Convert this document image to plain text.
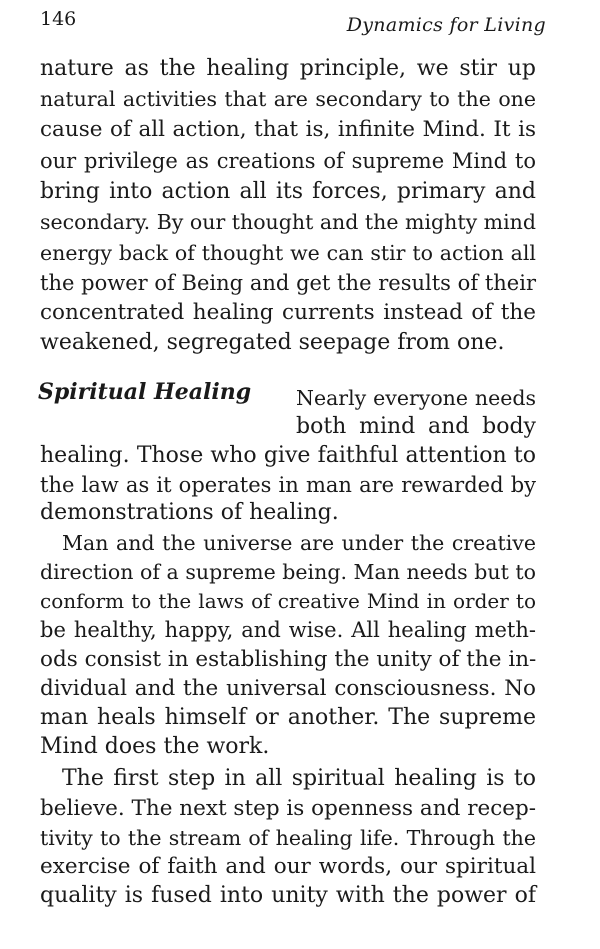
146	Dynamics for Living
nature as the healing principle, we stir up
natural activities that are secondary to the one
cause of all action, that is, infinite Mind. It is
our privilege as creations of supreme Mind to
bring into action all its forces, primary and
secondary. By our thought and the mighty mind
energy back of thought we can stir to action all
the power of Being and get the results of their
concentrated healing currents instead of the
weakened, segregated seepage from one.
Spiritual Healing Nearly everyone needs
both mind and body
healing. Those who give faithful attention to
the law as it operates in man are rewarded by
demonstrations of healing.
Man and the universe are under the creative
direction of a supreme being. Man needs but to
conform to the laws of creative Mind in order to
be healthy, happy, and wise. All healing meth-
ods consist in establishing the unity of the in-
dividual and the universal consciousness. No
man heals himself or another. The supreme
Mind does the work.
The first step in all spiritual healing is to
believe. The next step is openness and recep-
tivity to the stream of healing life. Through the
exercise of faith and our words, our spiritual
quality is fused into unity with the power of
